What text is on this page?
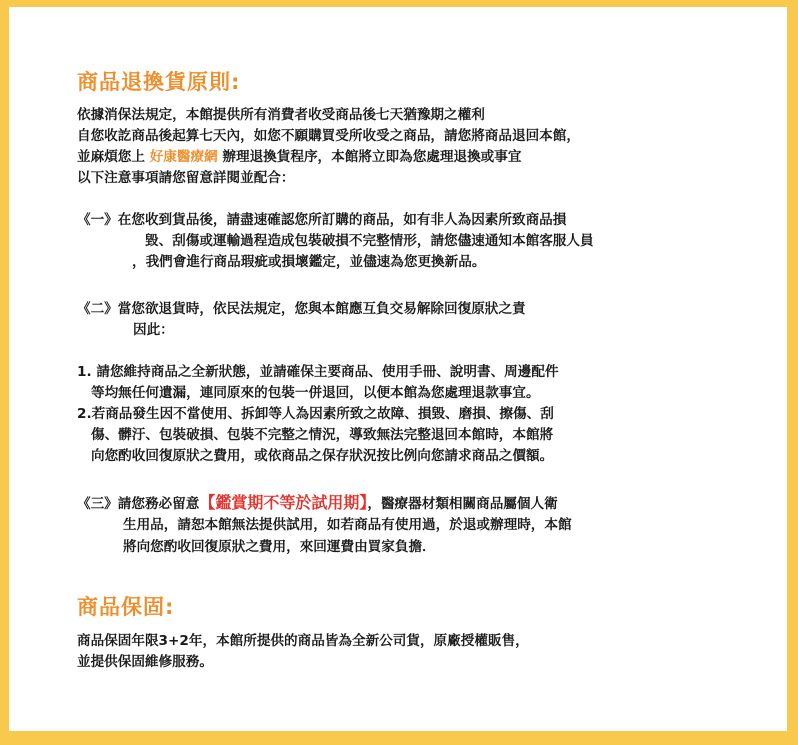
商品退換貨原則:
依據消保法規定，本館提供所有消費者收受商品後七天猶豫期之權利
自您收訖商品後起算七天內，如您不願購買受所收受之商品，請您將商品退回本館，
並麻煩您上 好康醫療網 辦理退換貨程序，本館將立即為您處理退換或事宜
以下注意事項請您留意詳閱並配合：
《一》在您收到貨品後，請盡速確認您所訂購的商品，如有非人為因素所致商品損
毀、刮傷或運輸過程造成包裝破損不完整情形，請您儘速通知本館客服人員
，我們會進行商品瑕疵或損壞鑑定，並儘速為您更換新品。
《二》當您欲退貨時，依民法規定，您與本館應互負交易解除回復原狀之責
因此：
1. 請您維持商品之全新狀態，並請確保主要商品、使用手冊、說明書、周邊配件
等均無任何遺漏，連同原來的包裝一併退回，以便本館為您處理退款事宜。
2.若商品發生因不當使用、拆卸等人為因素所致之故障、損毀、磨損、擦傷、刮
傷、髒汙、包裝破損、包裝不完整之情況，導致無法完整退回本館時，本館將
向您酌收回復原狀之費用，或依商品之保存狀況按比例向您請求商品之價額。
《三》請您務必留意【鑑賞期不等於試用期】，醫療器材類相關商品屬個人衛
生用品，請恕本館無法提供試用，如若商品有使用過，於退或辦理時，本館
將向您酌收回復原狀之費用，來回運費由買家負擔．
商品保固:
商品保固年限3+2年，本館所提供的商品皆為全新公司貨，原廠授權販售，
並提供保固維修服務。
